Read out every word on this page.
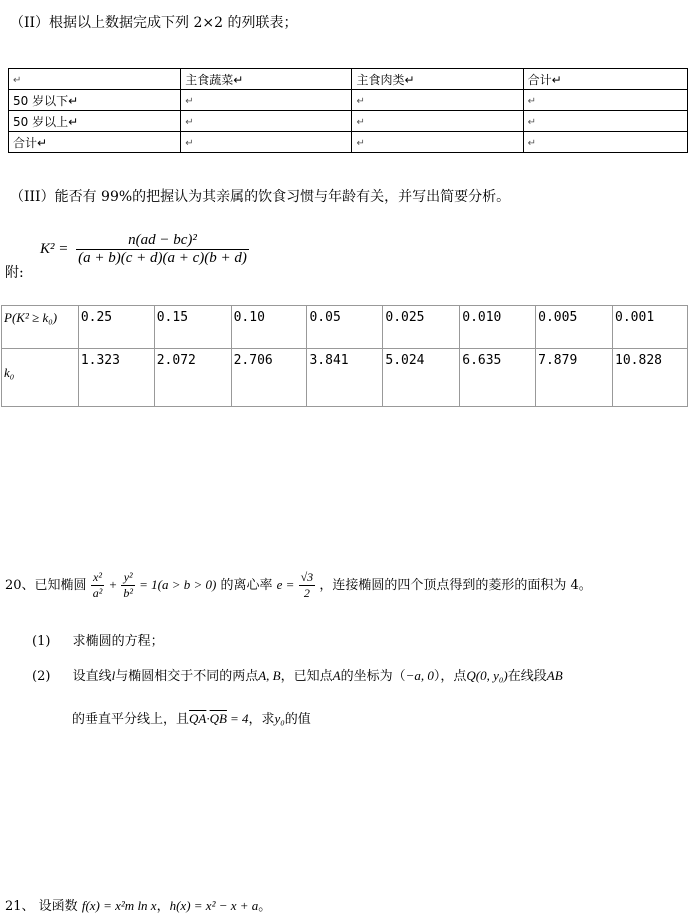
（II）根据以上数据完成下列 2×2 的列联表；
↵	主食蔬菜↵	主食肉类↵	合计↵
50 岁以下↵	↵	↵	↵
50 岁以上↵	↵	↵	↵
合计↵	↵	↵	↵
（III）能否有 99%的把握认为其亲属的饮食习惯与年龄有关，并写出简要分析。
附:
$K^2 = \frac{\text{n(ad − bc)²}}{(a + b)(c + d)(a + c)(b + d)}$
P(K² ≥ k₀)	0.25	0.15	0.10	0.05	0.025	0.010	0.005	0.001
k₀	1.323	2.072	2.706	3.841	5.024	6.635	7.879	10.828
20、已知椭圆 $\frac{\text{x²}}{\text{a²}} + \frac{\text{y²}}{\text{b²}} = 1(a > b > 0)$ 的离心率 $e = \frac{√3}{2}$ ，连接椭圆的四个顶点得到的菱形的面积为 4。
(1) 求椭圆的方程；
(2) 设直线l与椭圆相交于不同的两点A, B，已知点A的坐标为（−a, 0），点Q(0, y₀)在线段AB
的垂直平分线上，且$\overline{QA}\cdot\overline{QB} = 4$，求y₀的值
21、 设函数 f(x) = x²m ln x，h(x) = x² − x + a。
